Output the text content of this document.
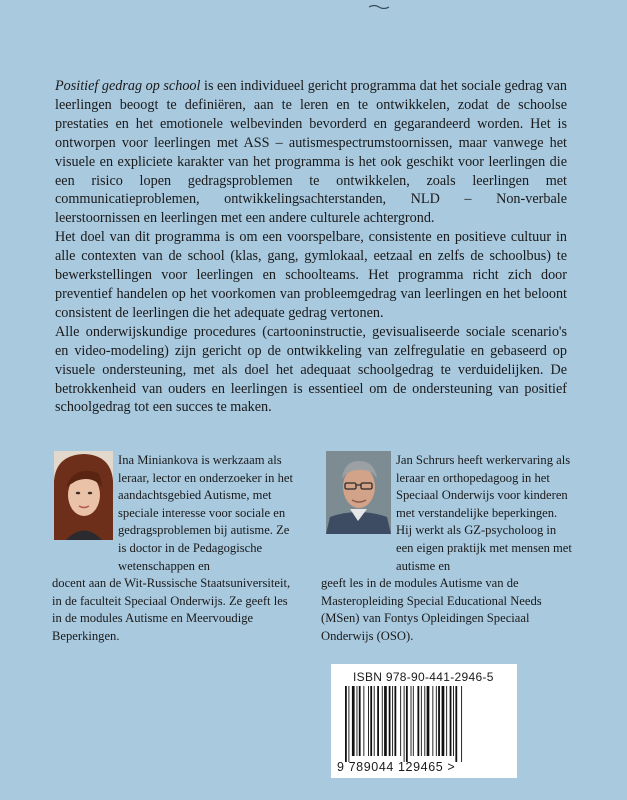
Positief gedrag op school is een individueel gericht programma dat het sociale gedrag van leerlingen beoogt te definiëren, aan te leren en te ontwikkelen, zodat de schoolse prestaties en het emotionele welbevinden bevorderd en gegarandeerd worden. Het is ontworpen voor leerlingen met ASS – autismespectrumstoornissen, maar vanwege het visuele en expliciete karakter van het programma is het ook geschikt voor leerlingen die een risico lopen gedragsproblemen te ontwikkelen, zoals leerlingen met communicatieproblemen, ontwikkelingsachterstanden, NLD – Non-verbale leerstoornissen en leerlingen met een andere culturele achtergrond.

Het doel van dit programma is om een voorspelbare, consistente en positieve cultuur in alle contexten van de school (klas, gang, gymlokaal, eetzaal en zelfs de schoolbus) te bewerkstellingen voor leerlingen en schoolteams. Het programma richt zich door preventief handelen op het voorkomen van probleemgedrag van leerlingen en het beloont consistent de leerlingen die het adequate gedrag vertonen.

Alle onderwijskundige procedures (cartooninstructie, gevisualiseerde sociale scenario's en video-modeling) zijn gericht op de ontwikkeling van zelfregulatie en gebaseerd op visuele ondersteuning, met als doel het adequaat schoolgedrag te verduidelijken. De betrokkenheid van ouders en leerlingen is essentieel om de ondersteuning van positief schoolgedrag tot een succes te maken.

Ina Miniankova is werkzaam als leraar, lector en onderzoeker in het aandachtsgebied Autisme, met speciale interesse voor sociale en gedragsproblemen bij autisme. Ze is doctor in de Pedagogische wetenschappen en
docent aan de Wit-Russische Staatsuniversiteit, in de faculteit Speciaal Onderwijs. Ze geeft les in de modules Autisme en Meervoudige Beperkingen.
Jan Schrurs heeft werkervaring als leraar en orthopedagoog in het Speciaal Onderwijs voor kinderen met verstandelijke beperkingen. Hij werkt als GZ-psycholoog in een eigen praktijk met mensen met autisme en
geeft les in de modules Autisme van de Masteropleiding Special Educational Needs (MSen) van Fontys Opleidingen Speciaal Onderwijs (OSO).
ISBN 978-90-441-2946-5
9 789044 129465 >
